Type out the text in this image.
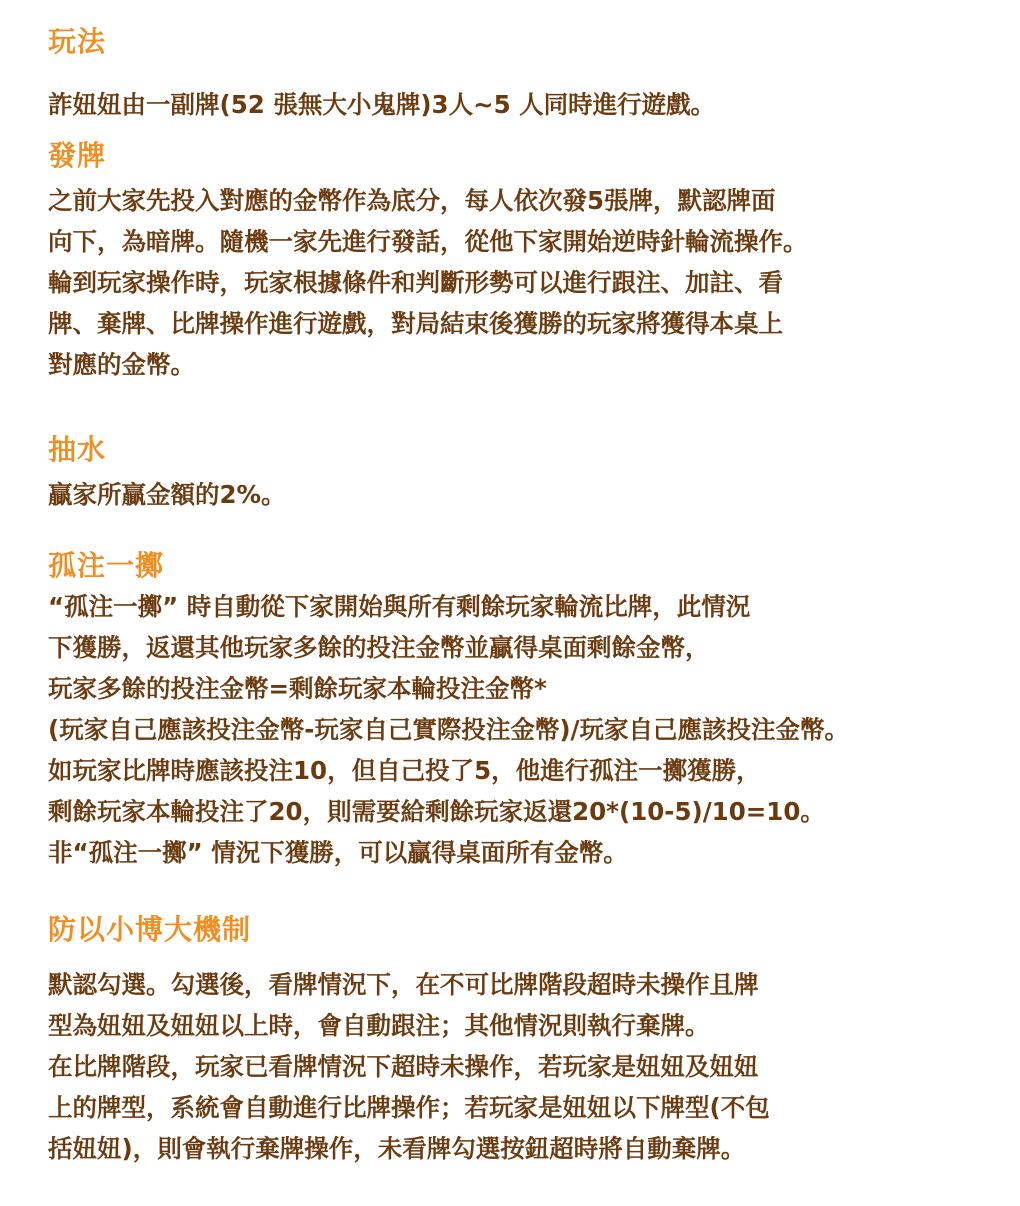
玩法

詐妞妞由一副牌(52 張無大小鬼牌)3人~5 人同時進行遊戲。

發牌

之前大家先投入對應的金幣作為底分，每人依次發5張牌，默認牌面
向下，為暗牌。隨機一家先進行發話，從他下家開始逆時針輪流操作。
輪到玩家操作時，玩家根據條件和判斷形勢可以進行跟注、加註、看
牌、棄牌、比牌操作進行遊戲，對局結束後獲勝的玩家將獲得本桌上
對應的金幣。

抽水

贏家所贏金額的2%。

孤注一擲

“孤注一擲” 時自動從下家開始與所有剩餘玩家輪流比牌，此情況
下獲勝，返還其他玩家多餘的投注金幣並贏得桌面剩餘金幣，
玩家多餘的投注金幣=剩餘玩家本輪投注金幣*
(玩家自己應該投注金幣-玩家自己實際投注金幣)/玩家自己應該投注金幣。
如玩家比牌時應該投注10，但自己投了5，他進行孤注一擲獲勝，
剩餘玩家本輪投注了20，則需要給剩餘玩家返還20*(10-5)/10=10。
非“孤注一擲” 情況下獲勝，可以贏得桌面所有金幣。

防以小博大機制

默認勾選。勾選後，看牌情況下，在不可比牌階段超時未操作且牌
型為妞妞及妞妞以上時，會自動跟注；其他情況則執行棄牌。
在比牌階段，玩家已看牌情況下超時未操作，若玩家是妞妞及妞妞
上的牌型，系統會自動進行比牌操作；若玩家是妞妞以下牌型(不包
括妞妞)，則會執行棄牌操作，未看牌勾選按鈕超時將自動棄牌。
